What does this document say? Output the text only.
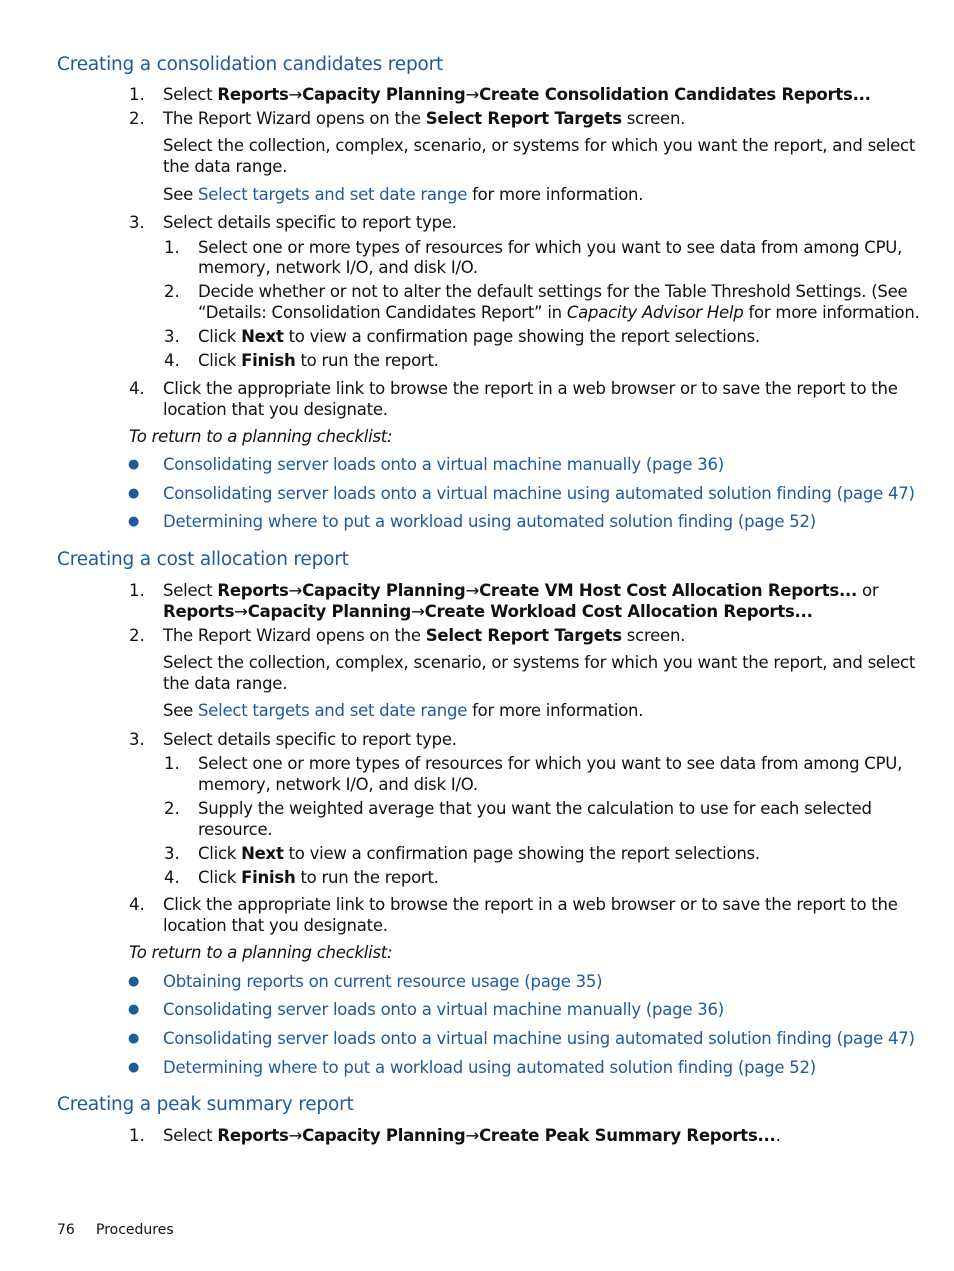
Creating a consolidation candidates report
1. Select Reports→Capacity Planning→Create Consolidation Candidates Reports...
2. The Report Wizard opens on the Select Report Targets screen.
Select the collection, complex, scenario, or systems for which you want the report, and select
the data range.
See Select targets and set date range for more information.
3. Select details specific to report type.
1. Select one or more types of resources for which you want to see data from among CPU,
memory, network I/O, and disk I/O.
2. Decide whether or not to alter the default settings for the Table Threshold Settings. (See
“Details: Consolidation Candidates Report” in Capacity Advisor Help for more information.
3. Click Next to view a confirmation page showing the report selections.
4. Click Finish to run the report.
4. Click the appropriate link to browse the report in a web browser or to save the report to the
location that you designate.
To return to a planning checklist:
● Consolidating server loads onto a virtual machine manually (page 36)
● Consolidating server loads onto a virtual machine using automated solution finding (page 47)
● Determining where to put a workload using automated solution finding (page 52)
Creating a cost allocation report
1. Select Reports→Capacity Planning→Create VM Host Cost Allocation Reports... or
Reports→Capacity Planning→Create Workload Cost Allocation Reports...
2. The Report Wizard opens on the Select Report Targets screen.
Select the collection, complex, scenario, or systems for which you want the report, and select
the data range.
See Select targets and set date range for more information.
3. Select details specific to report type.
1. Select one or more types of resources for which you want to see data from among CPU,
memory, network I/O, and disk I/O.
2. Supply the weighted average that you want the calculation to use for each selected
resource.
3. Click Next to view a confirmation page showing the report selections.
4. Click Finish to run the report.
4. Click the appropriate link to browse the report in a web browser or to save the report to the
location that you designate.
To return to a planning checklist:
● Obtaining reports on current resource usage (page 35)
● Consolidating server loads onto a virtual machine manually (page 36)
● Consolidating server loads onto a virtual machine using automated solution finding (page 47)
● Determining where to put a workload using automated solution finding (page 52)
Creating a peak summary report
1. Select Reports→Capacity Planning→Create Peak Summary Reports....
76 Procedures
